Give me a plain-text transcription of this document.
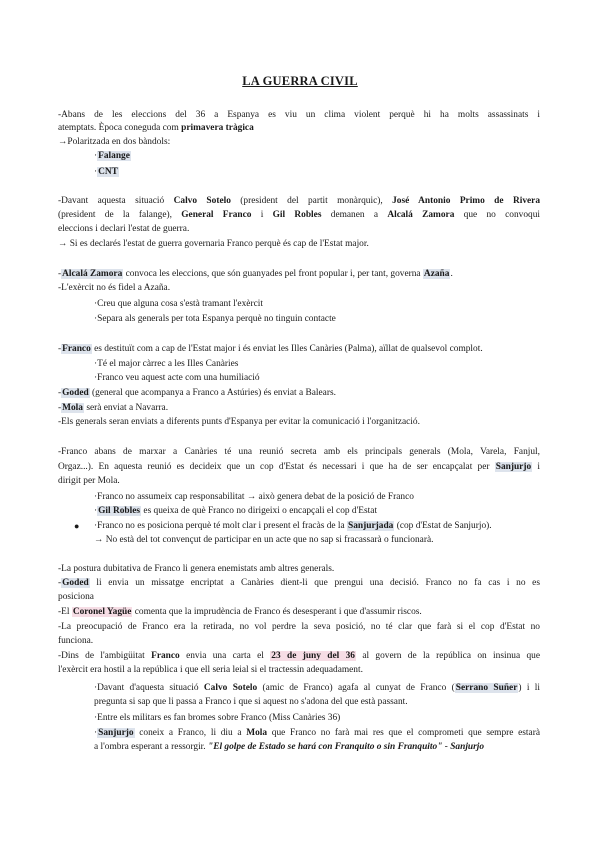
LA GUERRA CIVIL
-Abans de les eleccions del 36 a Espanya es viu un clima violent perquè hi ha molts assassinats i
atemptats. Època coneguda com primavera tràgica
→Polaritzada en dos bàndols:
·Falange
·CNT
-Davant aquesta situació Calvo Sotelo (president del partit monàrquic), José Antonio Primo de Rivera
(president de la falange), General Franco i Gil Robles demanen a Alcalá Zamora que no convoqui
eleccions i declari l'estat de guerra.
→ Si es declarés l'estat de guerra governaria Franco perquè és cap de l'Estat major.
-Alcalá Zamora convoca les eleccions, que són guanyades pel front popular i, per tant, governa Azaña.
-L'exèrcit no és fidel a Azaña.
·Creu que alguna cosa s'està tramant l'exèrcit
·Separa als generals per tota Espanya perquè no tinguin contacte
-Franco es destituït com a cap de l'Estat major i és enviat les Illes Canàries (Palma), aïllat de qualsevol complot.
·Té el major càrrec a les Illes Canàries
·Franco veu aquest acte com una humiliació
-Goded (general que acompanya a Franco a Astúries) és enviat a Balears.
-Mola serà enviat a Navarra.
-Els generals seran enviats a diferents punts d'Espanya per evitar la comunicació i l'organització.
-Franco abans de marxar a Canàries té una reunió secreta amb els principals generals (Mola, Varela, Fanjul,
Orgaz...). En aquesta reunió es decideix que un cop d'Estat és necessari i que ha de ser encapçalat per Sanjurjo i
dirigit per Mola.
·Franco no assumeix cap responsabilitat → això genera debat de la posició de Franco
·Gil Robles es queixa de què Franco no dirigeixi o encapçali el cop d'Estat
● ·Franco no es posiciona perquè té molt clar i present el fracàs de la Sanjurjada (cop d'Estat de Sanjurjo).
→ No està del tot convençut de participar en un acte que no sap si fracassarà o funcionarà.
-La postura dubitativa de Franco li genera enemistats amb altres generals.
-Goded li envia un missatge encriptat a Canàries dient-li que prengui una decisió. Franco no fa cas i no es
posiciona
-El Coronel Yagüe comenta que la imprudència de Franco és desesperant i que d'assumir riscos.
-La preocupació de Franco era la retirada, no vol perdre la seva posició, no té clar que farà si el cop d'Estat no
funciona.
-Dins de l'ambigüitat Franco envia una carta el 23 de juny del 36 al govern de la república on insinua que
l'exèrcit era hostil a la república i que ell seria leial si el tractessin adequadament.
·Davant d'aquesta situació Calvo Sotelo (amic de Franco) agafa al cunyat de Franco (Serrano Suñer) i li
pregunta si sap que li passa a Franco i que si aquest no s'adona del que està passant.
·Entre els militars es fan bromes sobre Franco (Miss Canàries 36)
·Sanjurjo coneix a Franco, li diu a Mola que Franco no farà mai res que el comprometi que sempre estarà
a l'ombra esperant a ressorgir. "El golpe de Estado se hará con Franquito o sin Franquito" - Sanjurjo
